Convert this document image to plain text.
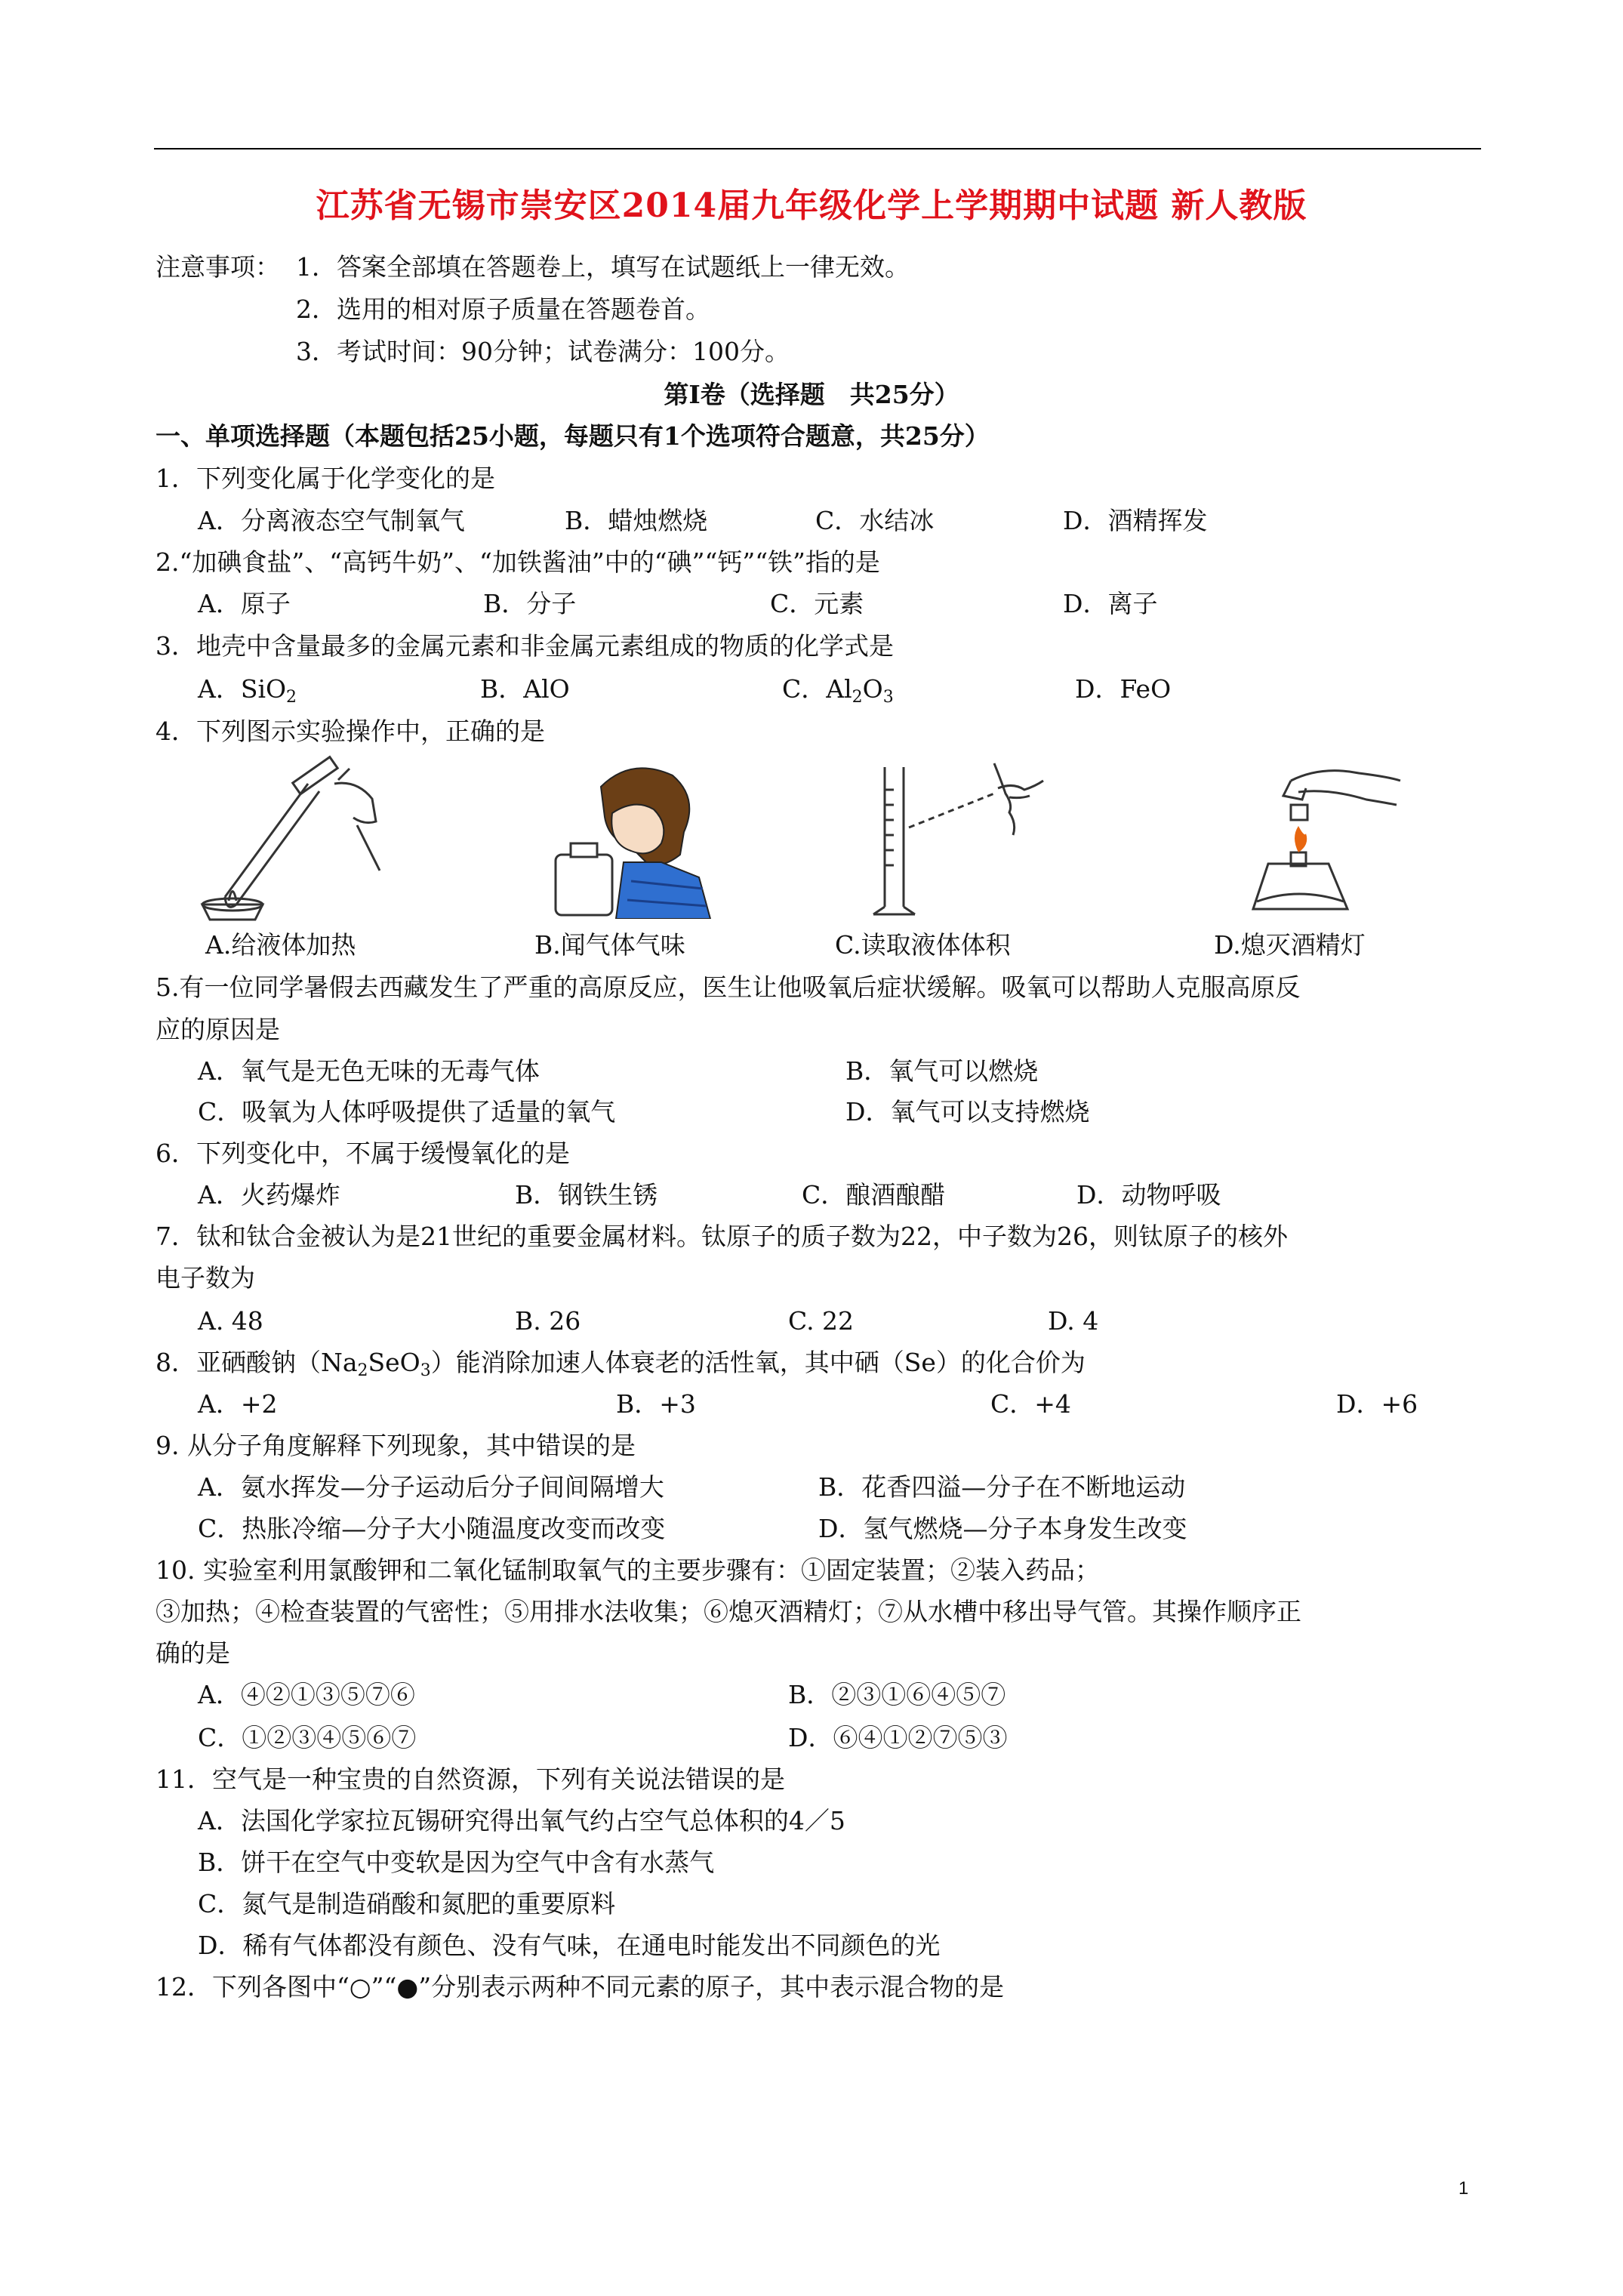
江苏省无锡市崇安区2014届九年级化学上学期期中试题 新人教版
注意事项： 1．答案全部填在答题卷上，填写在试题纸上一律无效。
2．选用的相对原子质量在答题卷首。
3．考试时间：90分钟；试卷满分：100分。
第Ⅰ卷（选择题　共25分）
一、单项选择题（本题包括25小题，每题只有1个选项符合题意，共25分）
1．下列变化属于化学变化的是
A．分离液态空气制氧气	B．蜡烛燃烧	C．水结冰	D．酒精挥发
2.“加碘食盐”、“高钙牛奶”、“加铁酱油”中的“碘”“钙”“铁”指的是
A．原子	B．分子	C．元素	D．离子
3．地壳中含量最多的金属元素和非金属元素组成的物质的化学式是
A．SiO$_2$	B．AlO	C．$Al_2O_3$	D．FeO
4．下列图示实验操作中，正确的是
A.给液体加热	B.闻气体气味	C.读取液体体积	D.熄灭酒精灯
5.有一位同学暑假去西藏发生了严重的高原反应，医生让他吸氧后症状缓解。吸氧可以帮助人克服高原反
应的原因是
A．氧气是无色无味的无毒气体	B．氧气可以燃烧
C．吸氧为人体呼吸提供了适量的氧气	D．氧气可以支持燃烧
6．下列变化中，不属于缓慢氧化的是
A．火药爆炸	B．钢铁生锈	C．酿酒酿醋	D．动物呼吸
7．钛和钛合金被认为是21世纪的重要金属材料。钛原子的质子数为22，中子数为26，则钛原子的核外
电子数为
A. 48	B. 26	C. 22	D. 4
8．亚硒酸钠$(Na_2SeO_3)$能消除加速人体衰老的活性氧，其中硒（Se）的化合价为
A．+2	B．+3	C．+4	D．+6
9. 从分子角度解释下列现象，其中错误的是
A．氨水挥发—分子运动后分子间间隔增大	B．花香四溢—分子在不断地运动
C．热胀冷缩—分子大小随温度改变而改变	D．氢气燃烧—分子本身发生改变
10. 实验室利用氯酸钾和二氧化锰制取氧气的主要步骤有：①固定装置；②装入药品；
③加热；④检查装置的气密性；⑤用排水法收集；⑥熄灭酒精灯；⑦从水槽中移出导气管。其操作顺序正
确的是
A．④②①③⑤⑦⑥	B．②③①⑥④⑤⑦
C．①②③④⑤⑥⑦	D．⑥④①②⑦⑤③
11．空气是一种宝贵的自然资源，下列有关说法错误的是
A．法国化学家拉瓦锡研究得出氧气约占空气总体积的4／5
B．饼干在空气中变软是因为空气中含有水蒸气
C．氮气是制造硝酸和氮肥的重要原料
D．稀有气体都没有颜色、没有气味，在通电时能发出不同颜色的光
12．下列各图中“○”“●”分别表示两种不同元素的原子，其中表示混合物的是
1
